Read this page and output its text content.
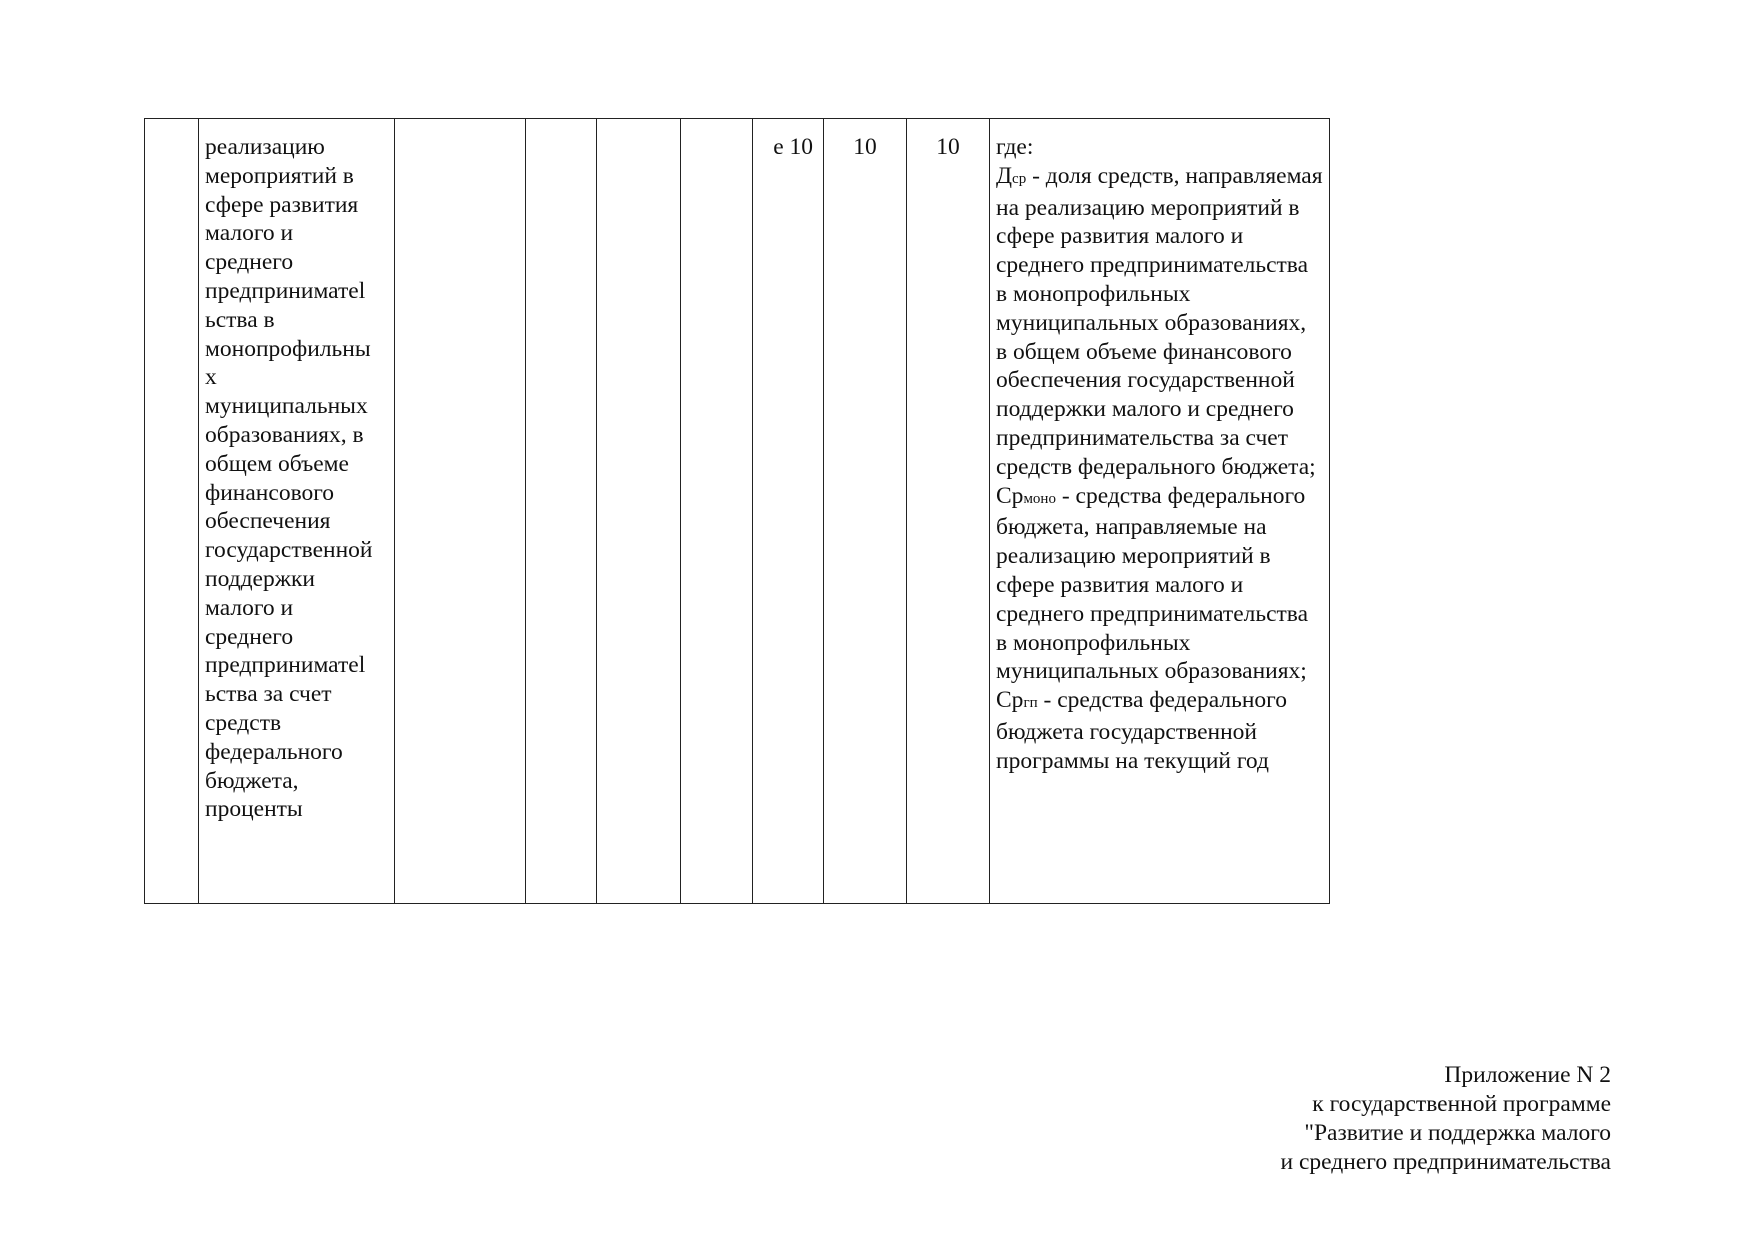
	реализацию
мероприятий в
сфере развития
малого и
среднего
предприниматеl
ьства в
монопрофильны
х
муниципальных
образованиях, в
общем объеме
финансового
обеспечения
государственной
поддержки
малого и
среднего
предприниматеl
ьства за счет
средств
федерального
бюджета,
проценты					е 10	10	10	где:
Дср - доля средств, направляемая на реализацию мероприятий в сфере развития малого и среднего предпринимательства в монопрофильных муниципальных образованиях, в общем объеме финансового обеспечения государственной поддержки малого и среднего предпринимательства за счет средств федерального бюджета;
Срмоно - средства федерального бюджета, направляемые на реализацию мероприятий в сфере развития малого и среднего предпринимательства в монопрофильных муниципальных образованиях;
Сргп - средства федерального бюджета государственной программы на текущий год
Приложение N 2
к государственной программе
"Развитие и поддержка малого
и среднего предпринимательства
